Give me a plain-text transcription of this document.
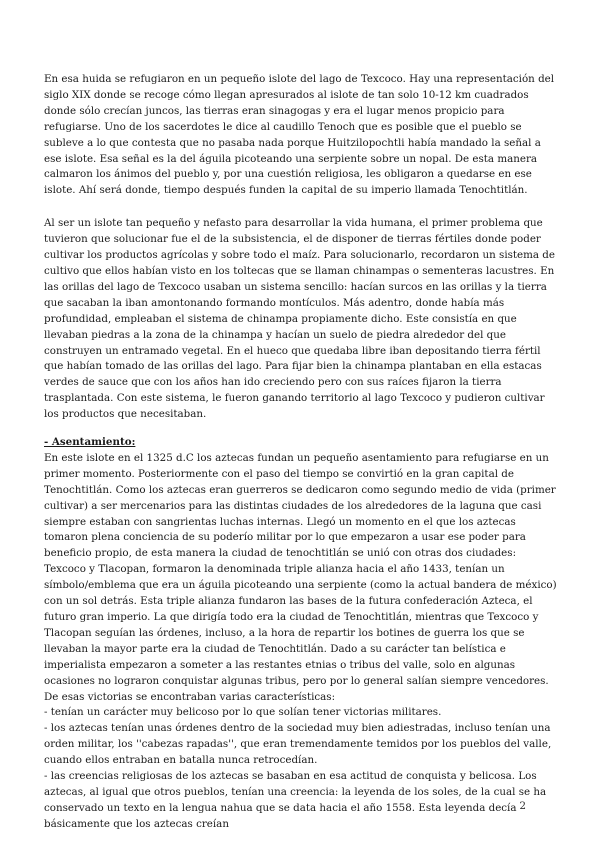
En esa huida se refugiaron en un pequeño islote del lago de Texcoco. Hay una representación del siglo XIX donde se recoge cómo llegan apresurados al islote de tan solo 10-12 km cuadrados donde sólo crecían juncos, las tierras eran sinagogas y era el lugar menos propicio para refugiarse. Uno de los sacerdotes le dice al caudillo Tenoch que es posible que el pueblo se subleve a lo que contesta que no pasaba nada porque Huitzilopochtli había mandado la señal a ese islote. Esa señal es la del águila picoteando una serpiente sobre un nopal. De esta manera calmaron los ánimos del pueblo y, por una cuestión religiosa, les obligaron a quedarse en ese islote. Ahí será donde, tiempo después funden la capital de su imperio llamada Tenochtitlán.

Al ser un islote tan pequeño y nefasto para desarrollar la vida humana, el primer problema que tuvieron que solucionar fue el de la subsistencia, el de disponer de tierras fértiles donde poder cultivar los productos agrícolas y sobre todo el maíz. Para solucionarlo, recordaron un sistema de cultivo que ellos habían visto en los toltecas que se llaman chinampas o sementeras lacustres. En las orillas del lago de Texcoco usaban un sistema sencillo: hacían surcos en las orillas y la tierra que sacaban la iban amontonando formando montículos. Más adentro, donde había más profundidad, empleaban el sistema de chinampa propiamente dicho. Este consistía en que llevaban piedras a la zona de la chinampa y hacían un suelo de piedra alrededor del que construyen un entramado vegetal. En el hueco que quedaba libre iban depositando tierra fértil que habían tomado de las orillas del lago. Para fijar bien la chinampa plantaban en ella estacas verdes de sauce que con los años han ido creciendo pero con sus raíces fijaron la tierra trasplantada. Con este sistema, le fueron ganando territorio al lago Texcoco y pudieron cultivar los productos que necesitaban.

- Asentamiento:

En este islote en el 1325 d.C los aztecas fundan un pequeño asentamiento para refugiarse en un primer momento. Posteriormente con el paso del tiempo se convirtió en la gran capital de Tenochtitlán. Como los aztecas eran guerreros se dedicaron como segundo medio de vida (primer cultivar) a ser mercenarios para las distintas ciudades de los alrededores de la laguna que casi siempre estaban con sangrientas luchas internas. Llegó un momento en el que los aztecas tomaron plena conciencia de su poderío militar por lo que empezaron a usar ese poder para beneficio propio, de esta manera la ciudad de tenochtitlán se unió con otras dos ciudades: Texcoco y Tlacopan, formaron la denominada triple alianza hacia el año 1433, tenían un símbolo/emblema que era un águila picoteando una serpiente (como la actual bandera de méxico) con un sol detrás. Esta triple alianza fundaron las bases de la futura confederación Azteca, el futuro gran imperio. La que dirigía todo era la ciudad de Tenochtitlán, mientras que Texcoco y Tlacopan seguían las órdenes, incluso, a la hora de repartir los botines de guerra los que se llevaban la mayor parte era la ciudad de Tenochtitlán. Dado a su carácter tan belística e imperialista empezaron a someter a las restantes etnias o tribus del valle, solo en algunas ocasiones no lograron conquistar algunas tribus, pero por lo general salían siempre vencedores. De esas victorias se encontraban varias características:

- tenían un carácter muy belicoso por lo que solían tener victorias militares.

- los aztecas tenían unas órdenes dentro de la sociedad muy bien adiestradas, incluso tenían una orden militar, los ''cabezas rapadas'', que eran tremendamente temidos por los pueblos del valle, cuando ellos entraban en batalla nunca retrocedían.

- las creencias religiosas de los aztecas se basaban en esa actitud de conquista y belicosa. Los aztecas, al igual que otros pueblos, tenían una creencia: la leyenda de los soles, de la cual se ha conservado un texto en la lengua nahua que se data hacia el año 1558. Esta leyenda decía básicamente que los aztecas creían

2
